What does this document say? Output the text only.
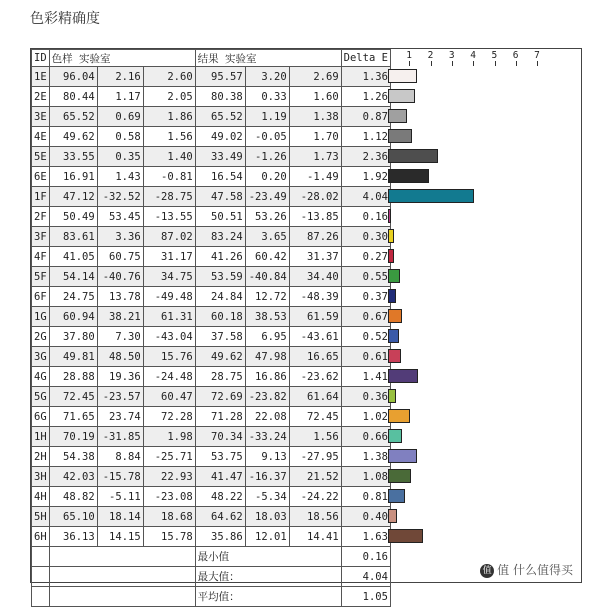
色彩精确度
ID	色样 实验室			结果 实验室			Delta E
1E	96.04	2.16	2.60	95.57	3.20	2.69	1.36
2E	80.44	1.17	2.05	80.38	0.33	1.60	1.26
3E	65.52	0.69	1.86	65.52	1.19	1.38	0.87
4E	49.62	0.58	1.56	49.02	-0.05	1.70	1.12
5E	33.55	0.35	1.40	33.49	-1.26	1.73	2.36
6E	16.91	1.43	-0.81	16.54	0.20	-1.49	1.92
1F	47.12	-32.52	-28.75	47.58	-23.49	-28.02	4.04
2F	50.49	53.45	-13.55	50.51	53.26	-13.85	0.16
3F	83.61	3.36	87.02	83.24	3.65	87.26	0.30
4F	41.05	60.75	31.17	41.26	60.42	31.37	0.27
5F	54.14	-40.76	34.75	53.59	-40.84	34.40	0.55
6F	24.75	13.78	-49.48	24.84	12.72	-48.39	0.37
1G	60.94	38.21	61.31	60.18	38.53	61.59	0.67
2G	37.80	7.30	-43.04	37.58	6.95	-43.61	0.52
3G	49.81	48.50	15.76	49.62	47.98	16.65	0.61
4G	28.88	19.36	-24.48	28.75	16.86	-23.62	1.41
5G	72.45	-23.57	60.47	72.69	-23.82	61.64	0.36
6G	71.65	23.74	72.28	71.28	22.08	72.45	1.02
1H	70.19	-31.85	1.98	70.34	-33.24	1.56	0.66
2H	54.38	8.84	-25.71	53.75	9.13	-27.95	1.38
3H	42.03	-15.78	22.93	41.47	-16.37	21.52	1.08
4H	48.82	-5.11	-23.08	48.22	-5.34	-24.22	0.81
5H	65.10	18.14	18.68	64.62	18.03	18.56	0.40
6H	36.13	14.15	15.78	35.86	12.01	14.41	1.63
				最小值			0.16
				最大值：			4.04
				平均值：			1.05
1 2 3 4 5 6 7
值 值 什么值得买
